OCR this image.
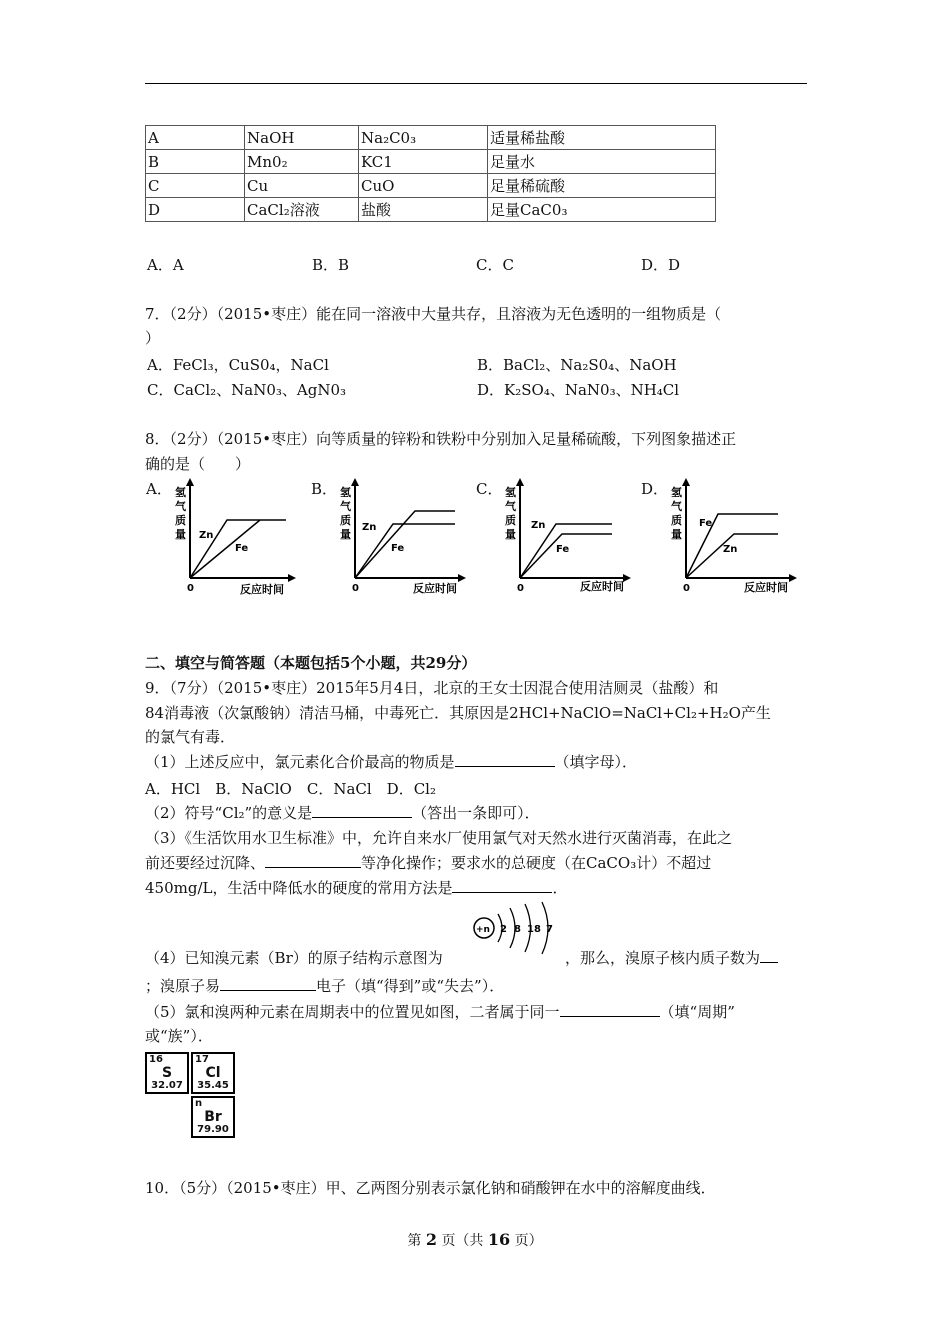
A	NaOH	Na₂C0₃	适量稀盐酸
B	Mn0₂	KC1	足量水
C	Cu	CuO	足量稀硫酸
D	CaCl₂溶液	盐酸	足量CaC0₃
A．A	B．B	C．C	D．D
7．（2分）（2015•枣庄）能在同一溶液中大量共存，且溶液为无色透明的一组物质是（
）
A．FeCl₃，CuS0₄，NaCl	B．BaCl₂、Na₂S0₄、NaOH
C．CaCl₂、NaN0₃、AgN0₃	D．K₂SO₄、NaN0₃、NH₄Cl
8．（2分）（2015•枣庄）向等质量的锌粉和铁粉中分别加入足量稀硫酸，下列图象描述正
确的是（　　）
A．	B．	C．	D．
氢
气
质
量 Zn
Fe
0	反应时间
氢
气
质
量
Zn
Fe
0	反应时间
氢
气
质
量
Zn
Fe
0	反应时间
氢
气
质
量
Fe
Zn
0	反应时间
二、填空与简答题（本题包括5个小题，共29分）
9．（7分）（2015•枣庄）2015年5月4日，北京的王女士因混合使用洁厕灵（盐酸）和
84消毒液（次氯酸钠）清洁马桶，中毒死亡．其原因是2HCl+NaClO=NaCl+Cl₂+H₂O产生
的氯气有毒．
（1）上述反应中，氯元素化合价最高的物质是	（填字母）．
A．HCl　B．NaClO　C．NaCl　D．Cl₂
（2）符号“Cl₂”的意义是	（答出一条即可）．
（3）《生活饮用水卫生标准》中，允许自来水厂使用氯气对天然水进行灭菌消毒，在此之
前还要经过沉降、	等净化操作；要求水的总硬度（在CaCO₃计）不超过
450mg/L，生活中降低水的硬度的常用方法是	．
+n 2 8 18 7
（4）已知溴元素（Br）的原子结构示意图为	，那么，溴原子核内质子数为
；溴原子易	电子（填“得到”或“失去”）．
（5）氯和溴两种元素在周期表中的位置见如图，二者属于同一	（填“周期”
或“族”）．
16
S
32.07
17
Cl
35.45
n
Br
79.90
10．（5分）（2015•枣庄）甲、乙两图分别表示氯化钠和硝酸钾在水中的溶解度曲线．
第 2 页（共 16 页）
